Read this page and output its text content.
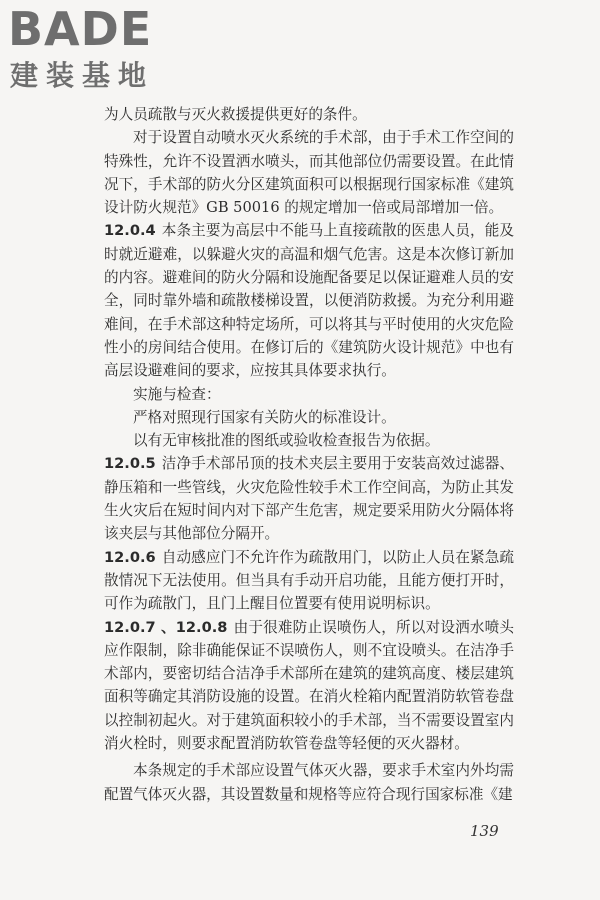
BADE
建装基地

为人员疏散与灭火救援提供更好的条件。

对于设置自动喷水灭火系统的手术部，由于手术工作空间的特殊性，允许不设置洒水喷头，而其他部位仍需要设置。在此情况下，手术部的防火分区建筑面积可以根据现行国家标准《建筑设计防火规范》GB 50016 的规定增加一倍或局部增加一倍。

12.0.4 本条主要为高层中不能马上直接疏散的医患人员，能及时就近避难，以躲避火灾的高温和烟气危害。这是本次修订新加的内容。避难间的防火分隔和设施配备要足以保证避难人员的安全，同时靠外墙和疏散楼梯设置，以便消防救援。为充分利用避难间，在手术部这种特定场所，可以将其与平时使用的火灾危险性小的房间结合使用。在修订后的《建筑防火设计规范》中也有高层设避难间的要求，应按其具体要求执行。

实施与检查：

严格对照现行国家有关防火的标准设计。

以有无审核批准的图纸或验收检查报告为依据。

12.0.5 洁净手术部吊顶的技术夹层主要用于安装高效过滤器、静压箱和一些管线，火灾危险性较手术工作空间高，为防止其发生火灾后在短时间内对下部产生危害，规定要采用防火分隔体将该夹层与其他部位分隔开。

12.0.6 自动感应门不允许作为疏散用门，以防止人员在紧急疏散情况下无法使用。但当具有手动开启功能，且能方便打开时，可作为疏散门，且门上醒目位置要有使用说明标识。

12.0.7 、12.0.8 由于很难防止误喷伤人，所以对设洒水喷头应作限制，除非确能保证不误喷伤人，则不宜设喷头。在洁净手术部内，要密切结合洁净手术部所在建筑的建筑高度、楼层建筑面积等确定其消防设施的设置。在消火栓箱内配置消防软管卷盘以控制初起火。对于建筑面积较小的手术部，当不需要设置室内消火栓时，则要求配置消防软管卷盘等轻便的灭火器材。

本条规定的手术部应设置气体灭火器，要求手术室内外均需配置气体灭火器，其设置数量和规格等应符合现行国家标准《建

139
